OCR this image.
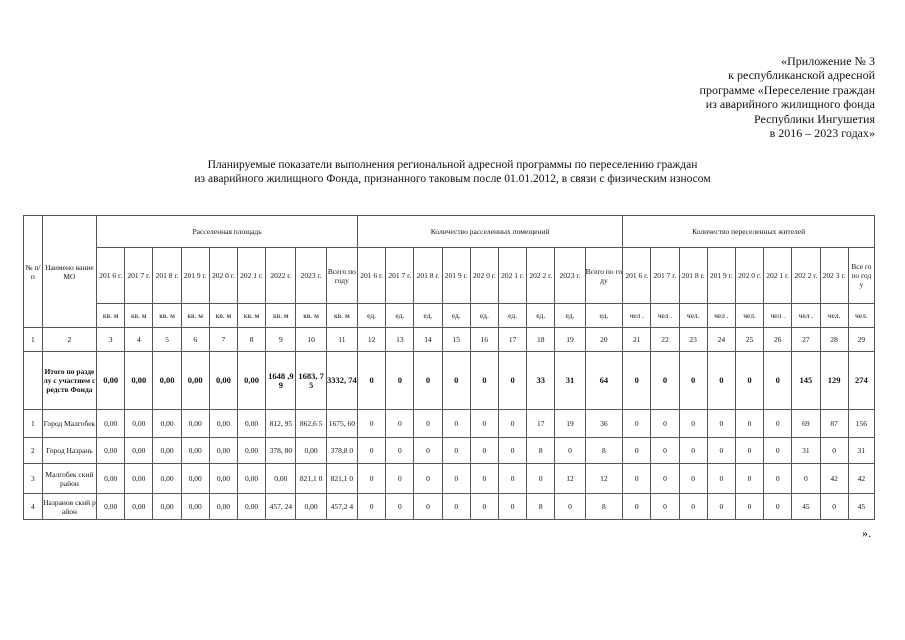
«Приложение № 3
к республиканской адресной
программе «Переселение граждан
из аварийного жилищного фонда
Республики Ингушетия
в 2016 – 2023 годах»
Планируемые показатели выполнения региональной адресной программы по переселению граждан
из аварийного жилищного Фонда, признанного таковым после 01.01.2012, в связи с физическим износом
№ п/п	Наимено вание МО	Расселенная площадь									Количество расселенных помещений									Количество переселенных жителей								
		201 6 г.	201 7 г.	201 8 г.	201 9 г.	202 0 г.	202 1 г.	2022 г.	2023 г.	Всего по году	201 6 г.	201 7 г.	201 8 г.	201 9 г.	202 0 г.	202 1 г.	202 2 г.	2023 г.	Всего по году	201 6 г.	201 7 г.	201 8 г.	201 9 г.	202 0 г.	202 1 г.	202 2 г.	202 3 г.	Все го по год у
		кв. м	кв. м	кв. м	кв. м	кв. м	кв. м	кв. м	кв. м	кв. м	ед.	ед.	ед.	ед.	ед.	ед.	ед.	ед.	ед.	чел .	чел .	чел.	чел .	чел.	чел .	чел .	чел.	чел.
1	2	3	4	5	6	7	8	9	10	11	12	13	14	15	16	17	18	19	20	21	22	23	24	25	26	27	28	29
	Итого по разделу с участием средств Фонда	0,00	0,00	0,00	0,00	0,00	0,00	1648 ,99	1683, 75	3332, 74	0	0	0	0	0	0	33	31	64	0	0	0	0	0	0	145	129	274
1	Город Малгобек	0,00	0,00	0,00	0,00	0,00	0,00	812, 95	862,6 5	1675, 60	0	0	0	0	0	0	17	19	36	0	0	0	0	0	0	69	87	156
2	Город Назрань	0,00	0,00	0,00	0,00	0,00	0,00	378, 80	0,00	378,8 0	0	0	0	0	0	0	8	0	8	0	0	0	0	0	0	31	0	31
3	Малгобек ский район	0,00	0,00	0,00	0,00	0,00	0,00	0,00	821,1 0	821,1 0	0	0	0	0	0	0	0	12	12	0	0	0	0	0	0	0	42	42
4	Назранов ский район	0,00	0,00	0,00	0,00	0,00	0,00	457, 24	0,00	457,2 4	0	0	0	0	0	0	8	0	8	0	0	0	0	0	0	45	0	45
».
